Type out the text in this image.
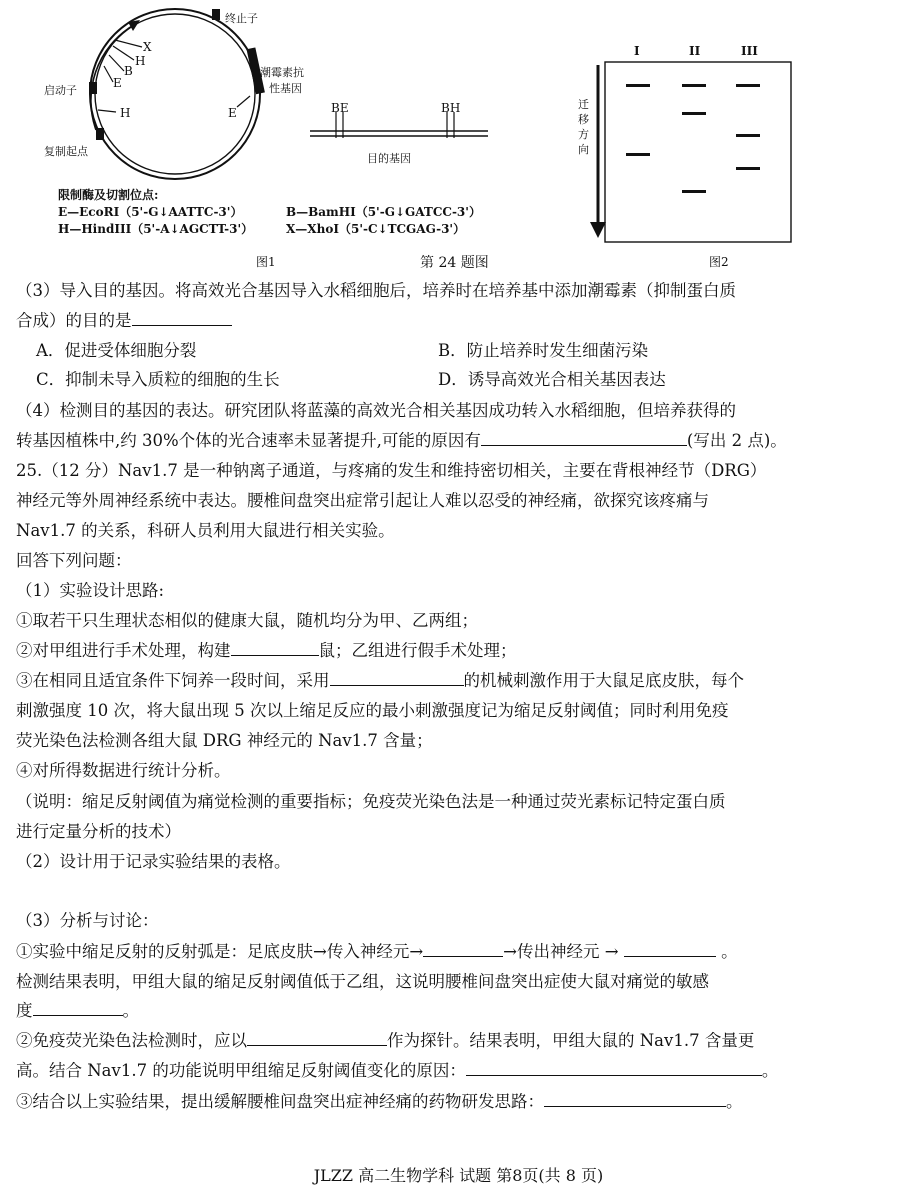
终止子
启动子
复制起点
潮霉素抗
性基因
X
H
B
E
H	E	BE	BH
目的基因
限制酶及切割位点:
E—EcoRI（5'-G↓AATTC-3'）
H—HindIII（5'-A↓AGCTT-3'）
B—BamHI（5'-G↓GATCC-3'）
X—XhoI（5'-C↓TCGAG-3'）
图1	第 24 题图	图2
I	II	III
迁
移
方
向
（3）导入目的基因。将高效光合基因导入水稻细胞后，培养时在培养基中添加潮霉素（抑制蛋白质
合成）的目的是
A．促进受体细胞分裂	B．防止培养时发生细菌污染
C．抑制未导入质粒的细胞的生长	D．诱导高效光合相关基因表达
（4）检测目的基因的表达。研究团队将蓝藻的高效光合相关基因成功转入水稻细胞，但培养获得的
转基因植株中,约 30%个体的光合速率未显著提升,可能的原因有	(写出 2 点)。
25.（12 分）Nav1.7 是一种钠离子通道，与疼痛的发生和维持密切相关，主要在背根神经节（DRG）
神经元等外周神经系统中表达。腰椎间盘突出症常引起让人难以忍受的神经痛，欲探究该疼痛与
Nav1.7 的关系，科研人员利用大鼠进行相关实验。
回答下列问题：
（1）实验设计思路:
①取若干只生理状态相似的健康大鼠，随机均分为甲、乙两组；
②对甲组进行手术处理，构建	鼠；乙组进行假手术处理；
③在相同且适宜条件下饲养一段时间，采用	的机械刺激作用于大鼠足底皮肤，每个
刺激强度 10 次，将大鼠出现 5 次以上缩足反应的最小刺激强度记为缩足反射阈值；同时利用免疫
荧光染色法检测各组大鼠 DRG 神经元的 Nav1.7 含量；
④对所得数据进行统计分析。
（说明：缩足反射阈值为痛觉检测的重要指标；免疫荧光染色法是一种通过荧光素标记特定蛋白质
进行定量分析的技术）
（2）设计用于记录实验结果的表格。
（3）分析与讨论：
①实验中缩足反射的反射弧是：足底皮肤→传入神经元→	→传出神经元 →	。
检测结果表明，甲组大鼠的缩足反射阈值低于乙组，这说明腰椎间盘突出症使大鼠对痛觉的敏感
度	。
②免疫荧光染色法检测时，应以	作为探针。结果表明，甲组大鼠的 Nav1.7 含量更
高。结合 Nav1.7 的功能说明甲组缩足反射阈值变化的原因：	。
③结合以上实验结果，提出缓解腰椎间盘突出症神经痛的药物研发思路：	。
JLZZ 高二生物学科 试题 第8页(共 8 页)
